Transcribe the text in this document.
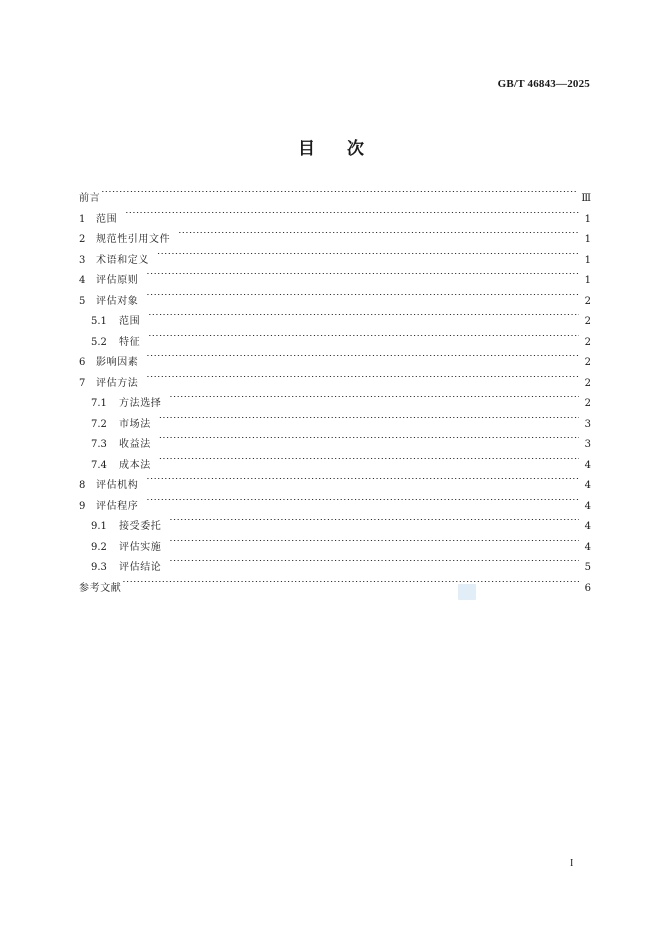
GB/T 46843—2025
目 次
前言 ·····	Ⅲ
1	范围 ·····	1
2	规范性引用文件 ·····	1
3	术语和定义 ·····	1
4	评估原则 ·····	1
5	评估对象 ·····	2
5.1	范围 ·····	2
5.2	特征 ·····	2
6	影响因素 ·····	2
7	评估方法 ·····	2
7.1	方法选择 ·····	2
7.2	市场法 ·····	3
7.3	收益法 ·····	3
7.4	成本法 ·····	4
8	评估机构 ·····	4
9	评估程序 ·····	4
9.1	接受委托 ·····	4
9.2	评估实施 ·····	4
9.3	评估结论 ·····	5
参考文献 ·····	6
I
